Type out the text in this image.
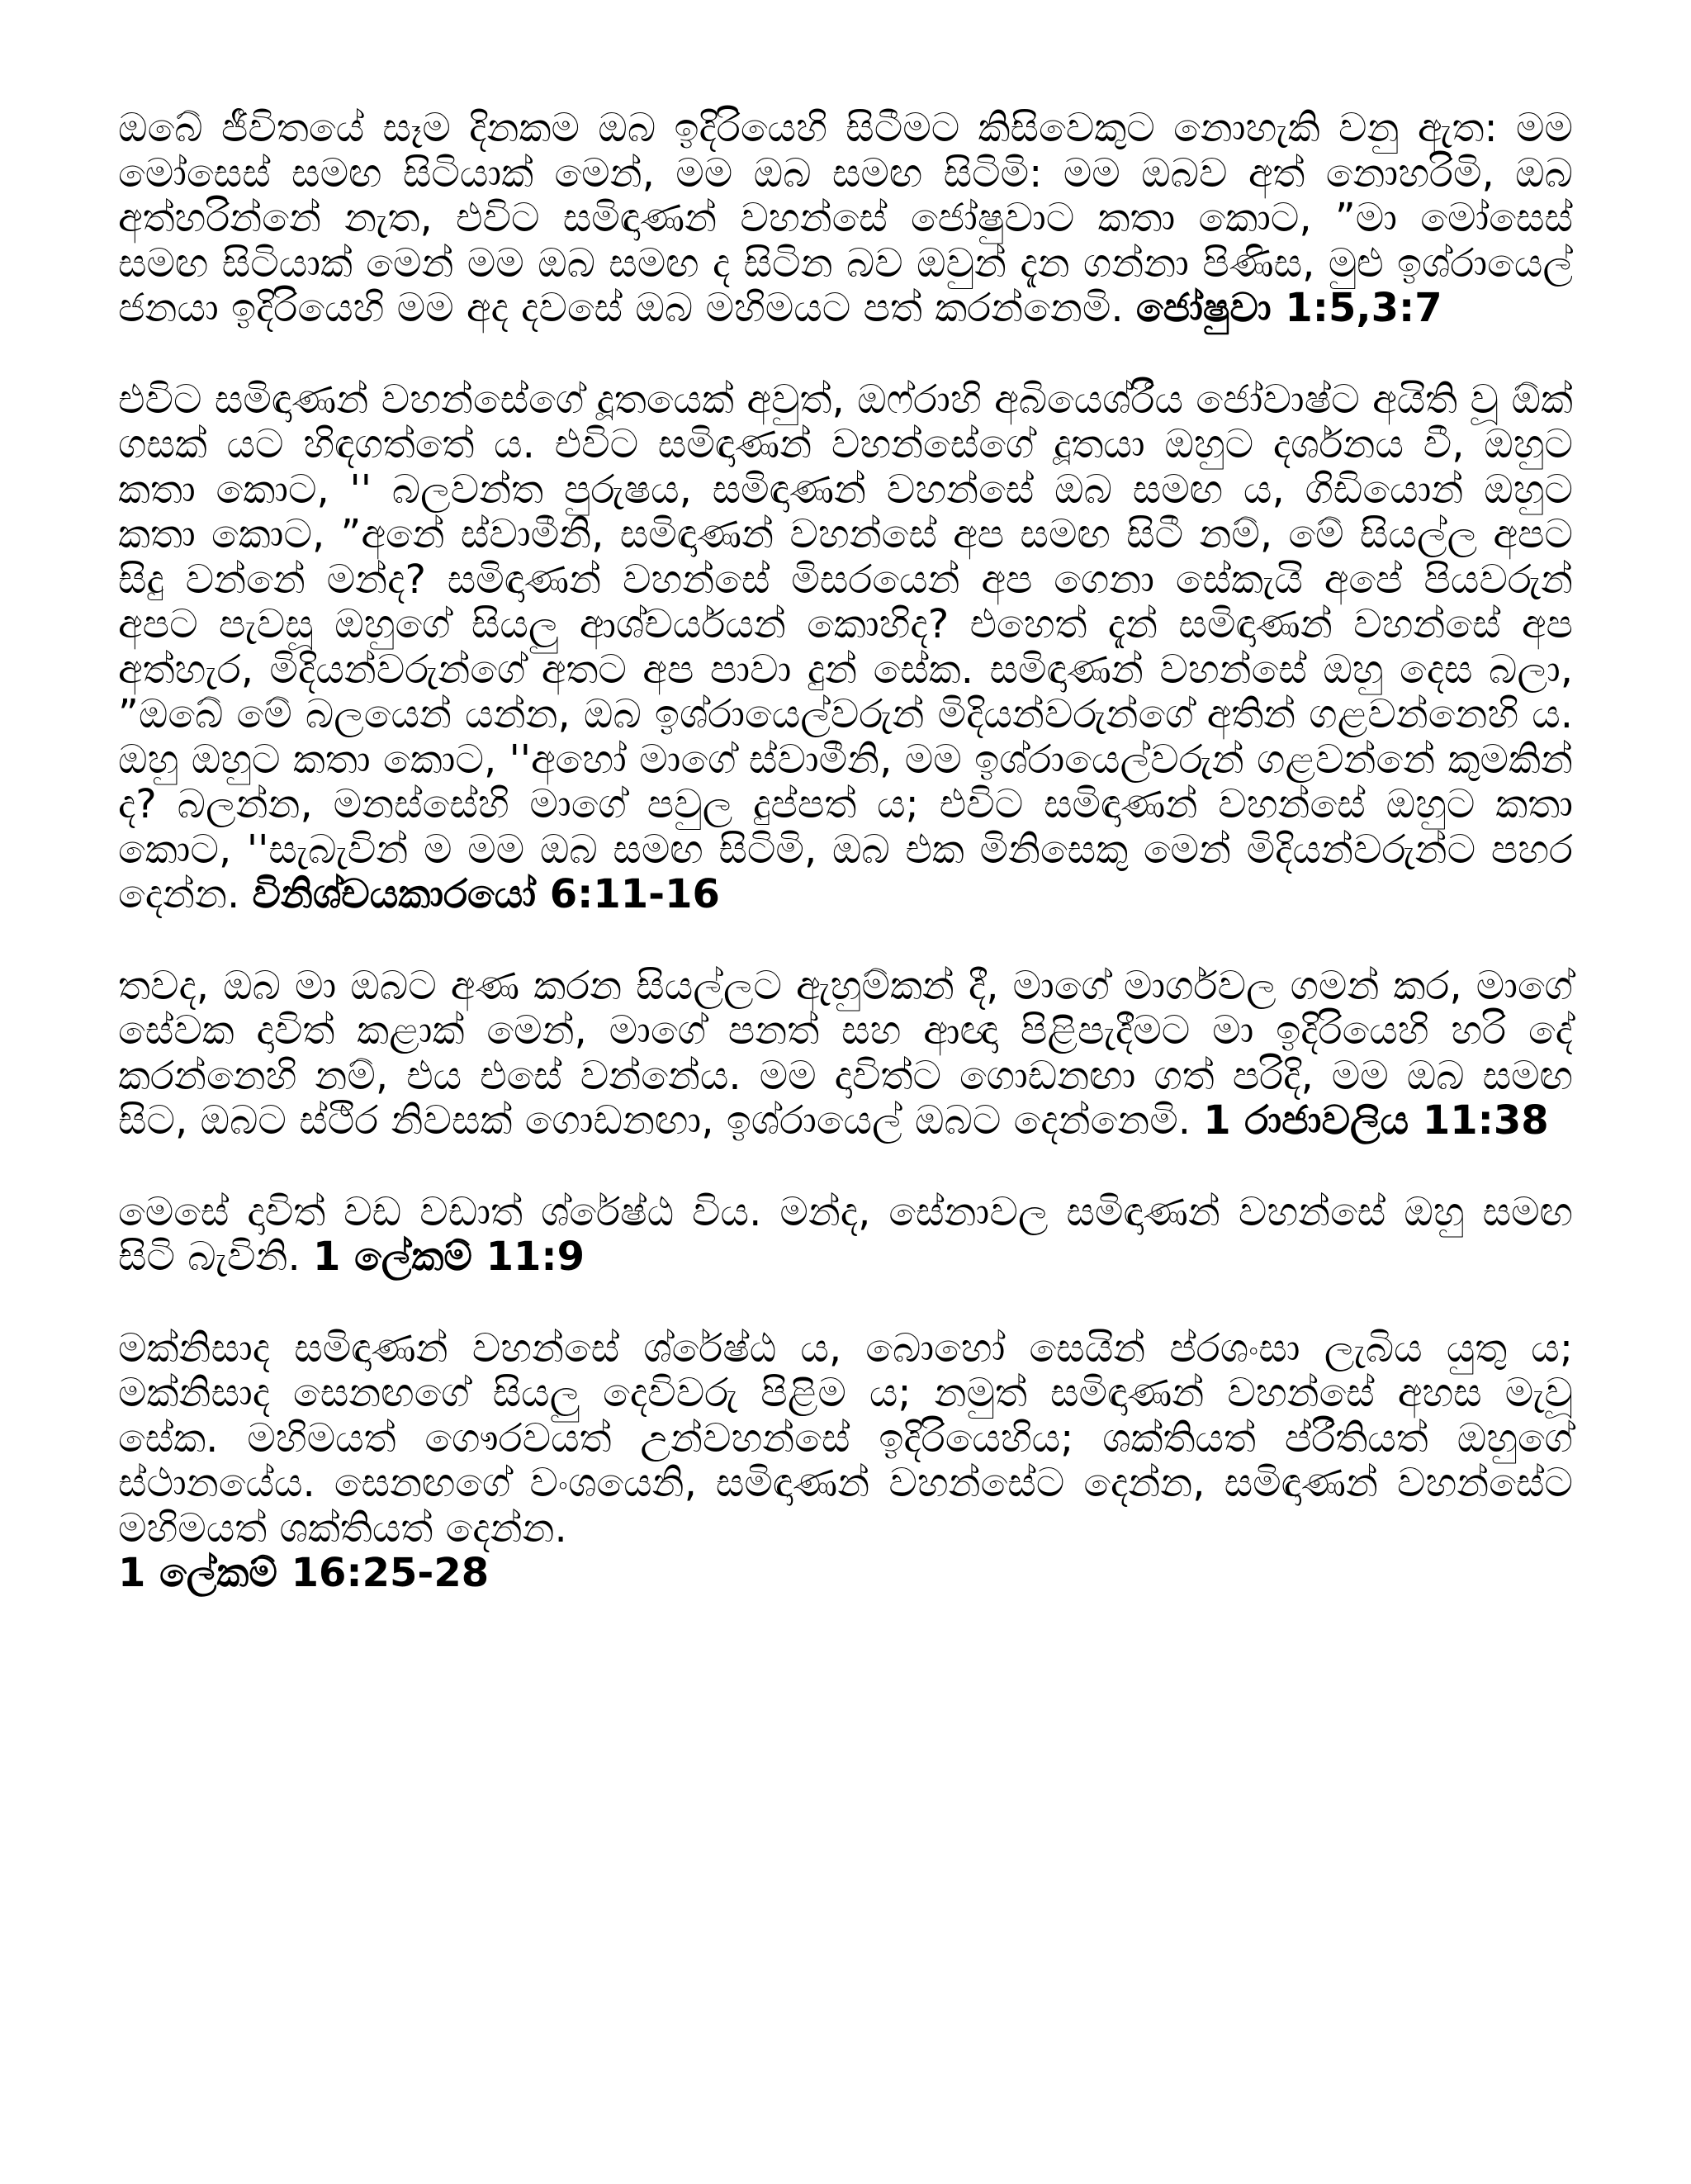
ඔබේ ජීවිතයේ සෑම දිනකම ඔබ ඉදිරියෙහි සිටීමට කිසිවෙකුට නොහැකි වනු ඇත: මම මෝසෙස් සමඟ සිටියාක් මෙන්, මම ඔබ සමඟ සිටිමි: මම ඔබව අත් නොහරිමි, ඔබ අත්හරින්නේ නැත, එවිට සමිඳාණන් වහන්සේ ජෝෂුවාට කතා කොට, ”මා මෝසෙස් සමඟ සිටියාක් මෙන් මම ඔබ සමඟ ද සිටින බව ඔවුන් දැන ගන්නා පිණිස, මුළු ඉශ්රායෙල් ජනයා ඉදිරියෙහි මම අද දවසේ ඔබ මහිමයට පත් කරන්නෙමි. ජෝෂුවා 1:5,3:7

එවිට සමිඳාණන් වහන්සේගේ දූතයෙක් අවුත්, ඔෆ්රාහි අබියෙශ්රීය ජෝවාෂ්ට අයිති වූ ඕක් ගසක් යට හිඳගත්තේ ය. එවිට සමිඳාණන් වහන්සේගේ දූතයා ඔහුට දර්ශනය වී, ඔහුට කතා කොට, '' බලවන්ත පුරුෂය, සමිඳාණන් වහන්සේ ඔබ සමඟ ය, ගිඩියොන් ඔහුට කතා කොට, ”අනේ ස්වාමීනි, සමිඳාණන් වහන්සේ අප සමඟ සිටී නම්, මේ සියල්ල අපට සිදු වන්නේ මන්ද? සමිඳාණන් වහන්සේ මිසරයෙන් අප ගෙනා සේකැයි අපේ පියවරුන් අපට පැවසූ ඔහුගේ සියලු ආශ්චර්යයන් කොහිද? එහෙත් දැන් සමිඳාණන් වහන්සේ අප අත්හැර, මිදියන්වරුන්ගේ අතට අප පාවා දුන් සේක. සමිඳාණන් වහන්සේ ඔහු දෙස බලා, ”ඔබේ මේ බලයෙන් යන්න, ඔබ ඉශ්රායෙල්වරුන් මිදියන්වරුන්ගේ අතින් ගළවන්නෙහි ය. ඔහු ඔහුට කතා කොට, ''අහෝ මාගේ ස්වාමීනි, මම ඉශ්රායෙල්වරුන් ගළවන්නේ කුමකින් ද? බලන්න, මනස්සේහි මාගේ පවුල දුප්පත් ය; එවිට සමිඳාණන් වහන්සේ ඔහුට කතා කොට, ''සැබැවින් ම මම ඔබ සමඟ සිටිමි, ඔබ එක මිනිසෙකු මෙන් මිදියන්වරුන්ට පහර දෙන්න. විනිශ්චයකාරයෝ 6:11-16

තවද, ඔබ මා ඔබට අණ කරන සියල්ලට ඇහුම්කන් දී, මාගේ මාර්ගවල ගමන් කර, මාගේ සේවක දාවිත් කළාක් මෙන්, මාගේ පනත් සහ ආඥා පිළිපැදීමට මා ඉදිරියෙහි හරි දේ කරන්නෙහි නම්, එය එසේ වන්නේය. මම දාවිත්ට ගොඩනඟා ගත් පරිදි, මම ඔබ සමඟ සිට, ඔබට ස්ථිර නිවසක් ගොඩනඟා, ඉශ්රායෙල් ඔබට දෙන්නෙමි. 1 රාජාවලිය 11:38

මෙසේ දාවිත් වඩ වඩාත් ශ්රේෂ්ඨ විය. මන්ද, සේනාවල සමිඳාණන් වහන්සේ ඔහු සමඟ සිටි බැවිනි. 1 ලේකම් 11:9

මක්නිසාද සමිඳාණන් වහන්සේ ශ්රේෂ්ඨ ය, බොහෝ සෙයින් ප්රශංසා ලැබිය යුතු ය; මක්නිසාද සෙනඟගේ සියලු දෙවිවරු පිළිම ය; නමුත් සමිඳාණන් වහන්සේ අහස මැවූ සේක. මහිමයත් ගෞරවයත් උන්වහන්සේ ඉදිරියෙහිය; ශක්තියත් ප්රීතියත් ඔහුගේ ස්ථානයේය. සෙනඟගේ වංශයෙනි, සමිඳාණන් වහන්සේට දෙන්න, සමිඳාණන් වහන්සේට මහිමයත් ශක්තියත් දෙන්න.
1 ලේකම් 16:25-28
